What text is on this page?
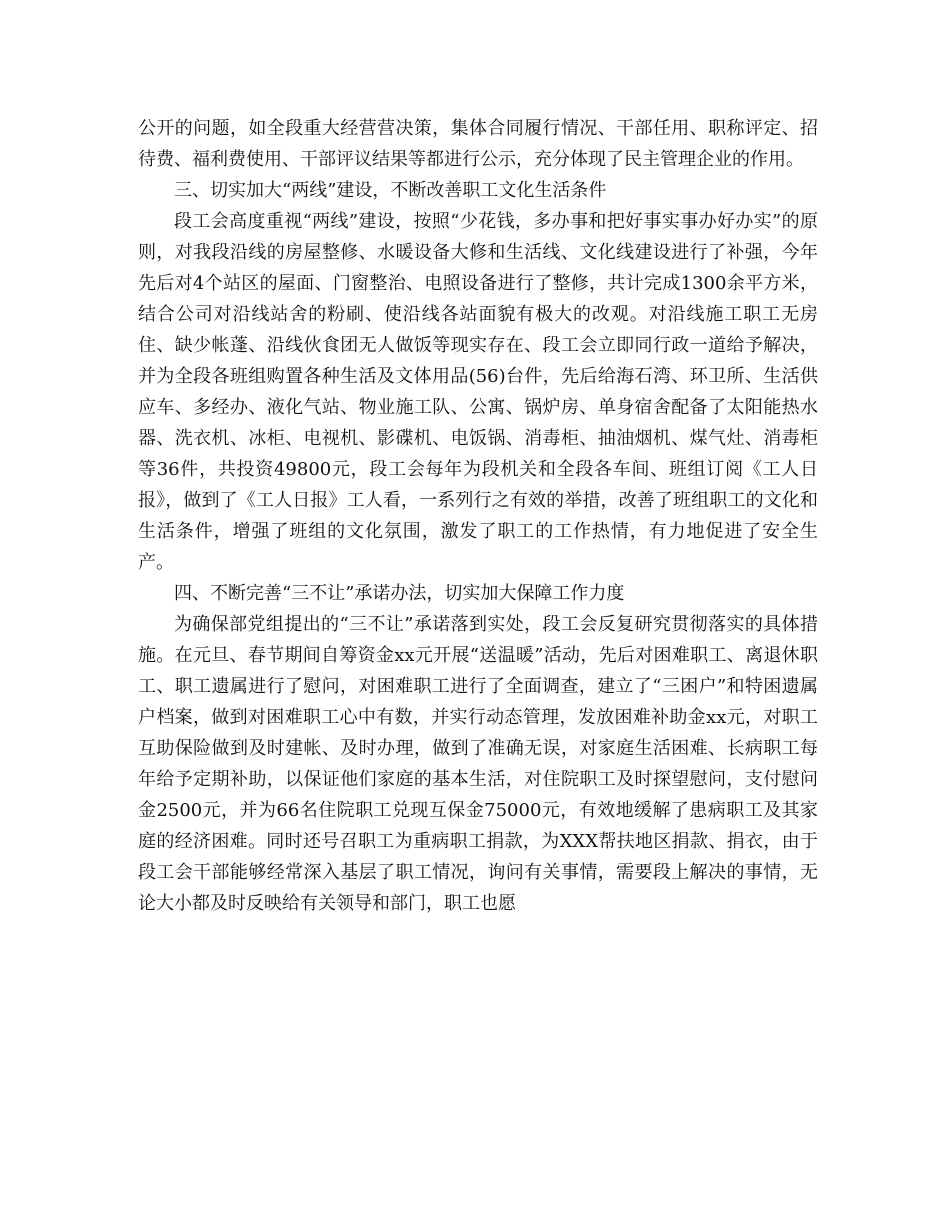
公开的问题，如全段重大经营营决策，集体合同履行情况、干部任用、职称评定、招待费、福利费使用、干部评议结果等都进行公示，充分体现了民主管理企业的作用。

三、切实加大“两线”建设，不断改善职工文化生活条件

段工会高度重视“两线”建设，按照“少花钱，多办事和把好事实事办好办实”的原则，对我段沿线的房屋整修、水暖设备大修和生活线、文化线建设进行了补强，今年先后对4个站区的屋面、门窗整治、电照设备进行了整修，共计完成1300余平方米，结合公司对沿线站舍的粉刷、使沿线各站面貌有极大的改观。对沿线施工职工无房住、缺少帐蓬、沿线伙食团无人做饭等现实存在、段工会立即同行政一道给予解决，并为全段各班组购置各种生活及文体用品(56)台件，先后给海石湾、环卫所、生活供应车、多经办、液化气站、物业施工队、公寓、锅炉房、单身宿舍配备了太阳能热水器、洗衣机、冰柜、电视机、影碟机、电饭锅、消毒柜、抽油烟机、煤气灶、消毒柜等36件，共投资49800元，段工会每年为段机关和全段各车间、班组订阅《工人日报》，做到了《工人日报》工人看，一系列行之有效的举措，改善了班组职工的文化和生活条件，增强了班组的文化氛围，激发了职工的工作热情，有力地促进了安全生产。

四、不断完善“三不让”承诺办法，切实加大保障工作力度

为确保部党组提出的“三不让”承诺落到实处，段工会反复研究贯彻落实的具体措施。在元旦、春节期间自筹资金xx元开展“送温暖”活动，先后对困难职工、离退休职工、职工遗属进行了慰问，对困难职工进行了全面调查，建立了“三困户”和特困遗属户档案，做到对困难职工心中有数，并实行动态管理，发放困难补助金xx元，对职工互助保险做到及时建帐、及时办理，做到了准确无误，对家庭生活困难、长病职工每年给予定期补助，以保证他们家庭的基本生活，对住院职工及时探望慰问，支付慰问金2500元，并为66名住院职工兑现互保金75000元，有效地缓解了患病职工及其家庭的经济困难。同时还号召职工为重病职工捐款，为XXX帮扶地区捐款、捐衣，由于段工会干部能够经常深入基层了职工情况，询问有关事情，需要段上解决的事情，无论大小都及时反映给有关领导和部门，职工也愿
